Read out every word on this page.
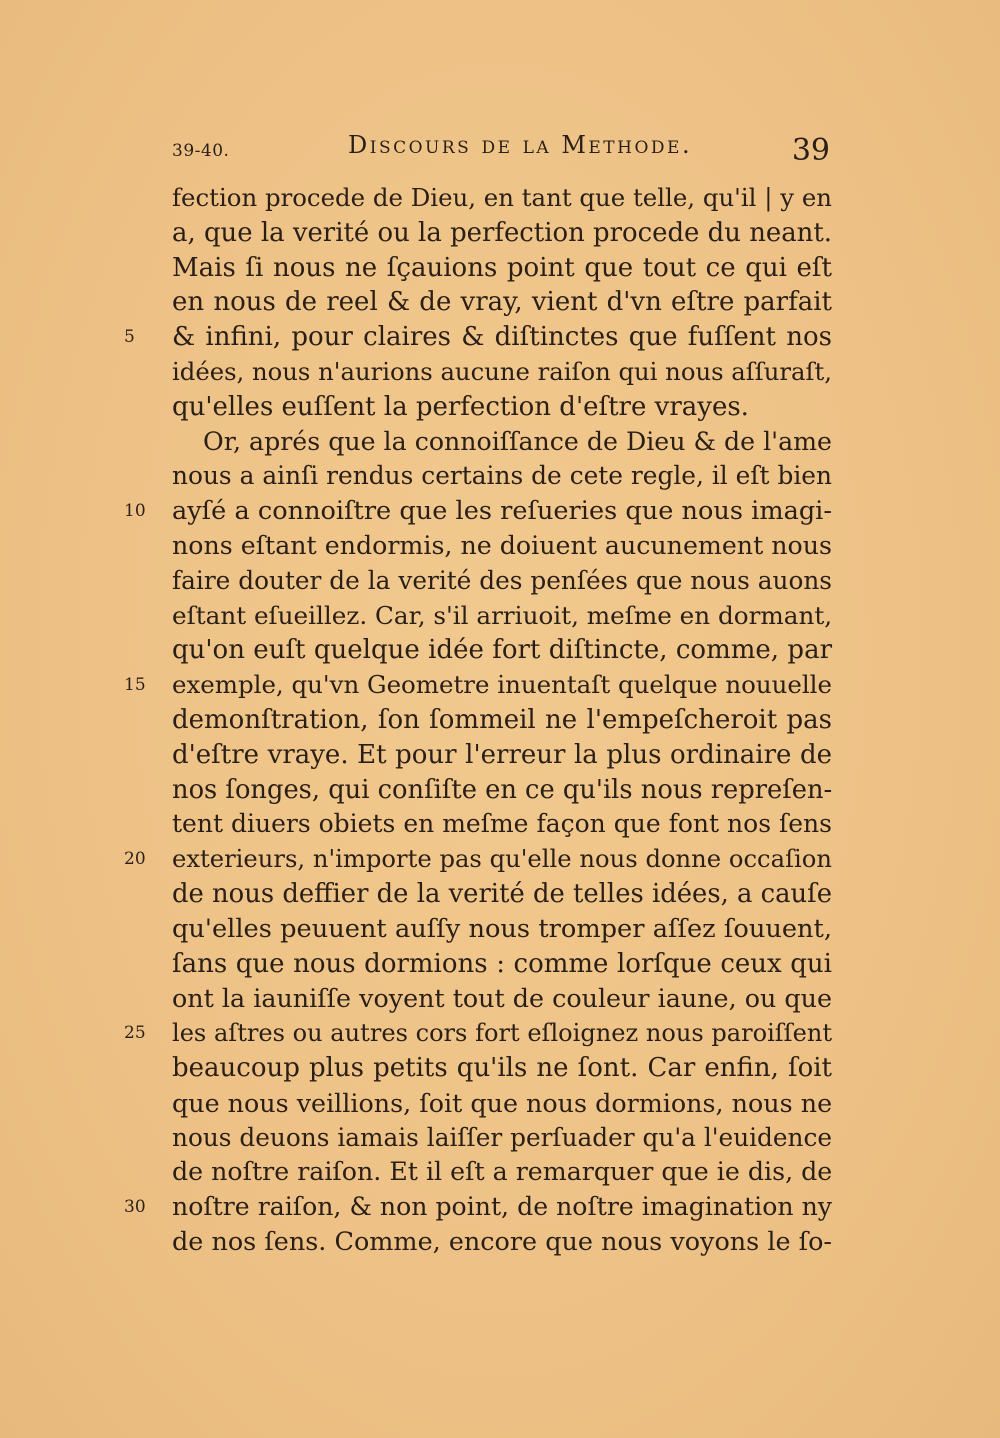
39-40.	Discours de la Methode.	39
fection procede de Dieu, en tant que telle, qu'il | y en
a, que la verité ou la perfection procede du neant.
Mais ſi nous ne ſçauions point que tout ce qui eſt
en nous de reel & de vray, vient d'vn eſtre parfait
5	& infini, pour claires & diſtinctes que fuſſent nos
idées, nous n'aurions aucune raiſon qui nous aſſuraſt,
qu'elles euſſent la perfection d'eſtre vrayes.
Or, aprés que la connoiſſance de Dieu & de l'ame
nous a ainſi rendus certains de cete regle, il eſt bien
10	ayſé a connoiſtre que les reſueries que nous imagi-
nons eſtant endormis, ne doiuent aucunement nous
faire douter de la verité des penſées que nous auons
eſtant eſueillez. Car, s'il arriuoit, meſme en dormant,
qu'on euſt quelque idée fort diſtincte, comme, par
15	exemple, qu'vn Geometre inuentaſt quelque nouuelle
demonſtration, ſon ſommeil ne l'empeſcheroit pas
d'eſtre vraye. Et pour l'erreur la plus ordinaire de
nos ſonges, qui conſiſte en ce qu'ils nous repreſen-
tent diuers obiets en meſme façon que font nos ſens
20	exterieurs, n'importe pas qu'elle nous donne occaſion
de nous deffier de la verité de telles idées, a cauſe
qu'elles peuuent auſſy nous tromper aſſez ſouuent,
ſans que nous dormions : comme lorſque ceux qui
ont la iauniſſe voyent tout de couleur iaune, ou que
25	les aſtres ou autres cors fort eſloignez nous paroiſſent
beaucoup plus petits qu'ils ne ſont. Car enfin, ſoit
que nous veillions, ſoit que nous dormions, nous ne
nous deuons iamais laiſſer perſuader qu'a l'euidence
de noſtre raiſon. Et il eſt a remarquer que ie dis, de
30	noſtre raiſon, & non point, de noſtre imagination ny
de nos ſens. Comme, encore que nous voyons le ſo-
